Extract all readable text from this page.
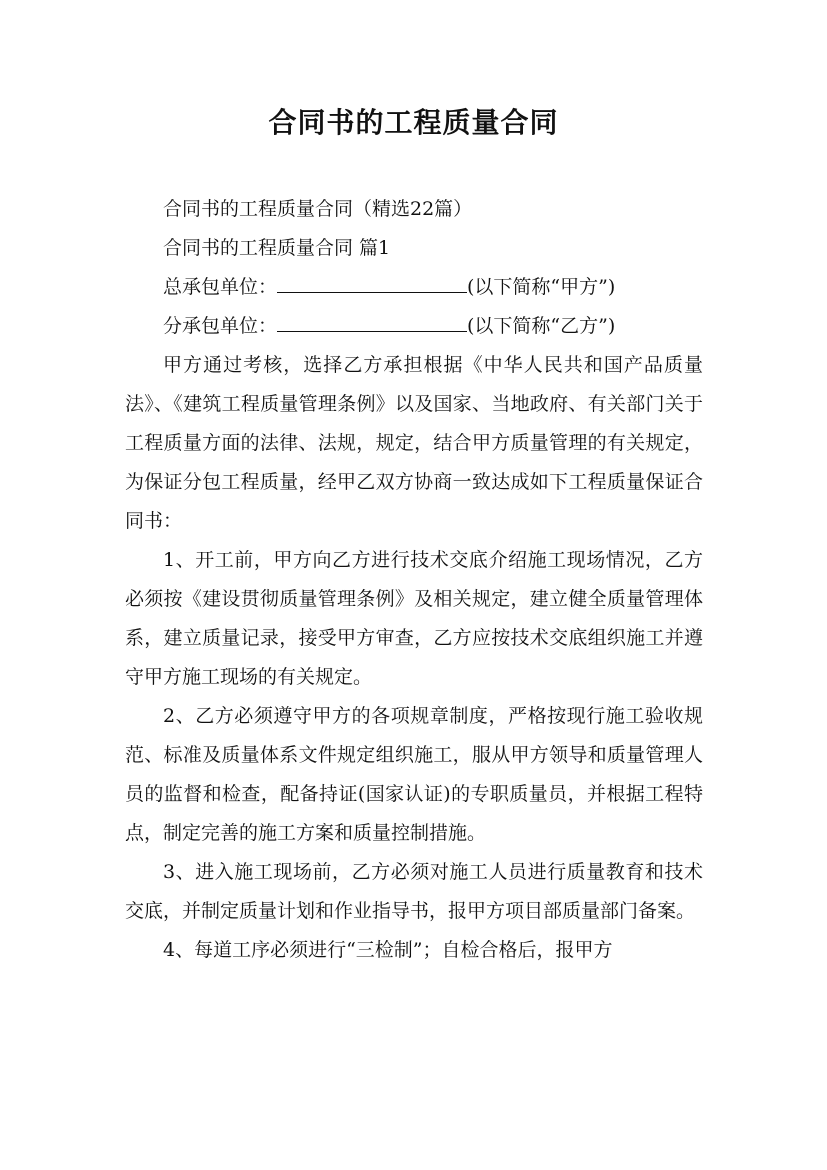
合同书的工程质量合同

合同书的工程质量合同（精选22篇）

合同书的工程质量合同 篇1

总承包单位：	(以下简称“甲方”)

分承包单位：	(以下简称“乙方”)

甲方通过考核，选择乙方承担根据《中华人民共和国产品质量法》、《建筑工程质量管理条例》以及国家、当地政府、有关部门关于工程质量方面的法律、法规，规定，结合甲方质量管理的有关规定，为保证分包工程质量，经甲乙双方协商一致达成如下工程质量保证合同书：

1、开工前，甲方向乙方进行技术交底介绍施工现场情况，乙方必须按《建设贯彻质量管理条例》及相关规定，建立健全质量管理体系，建立质量记录，接受甲方审查，乙方应按技术交底组织施工并遵守甲方施工现场的有关规定。

2、乙方必须遵守甲方的各项规章制度，严格按现行施工验收规范、标准及质量体系文件规定组织施工，服从甲方领导和质量管理人员的监督和检查，配备持证(国家认证)的专职质量员，并根据工程特点，制定完善的施工方案和质量控制措施。

3、进入施工现场前，乙方必须对施工人员进行质量教育和技术交底，并制定质量计划和作业指导书，报甲方项目部质量部门备案。

4、每道工序必须进行“三检制”；自检合格后，报甲方
